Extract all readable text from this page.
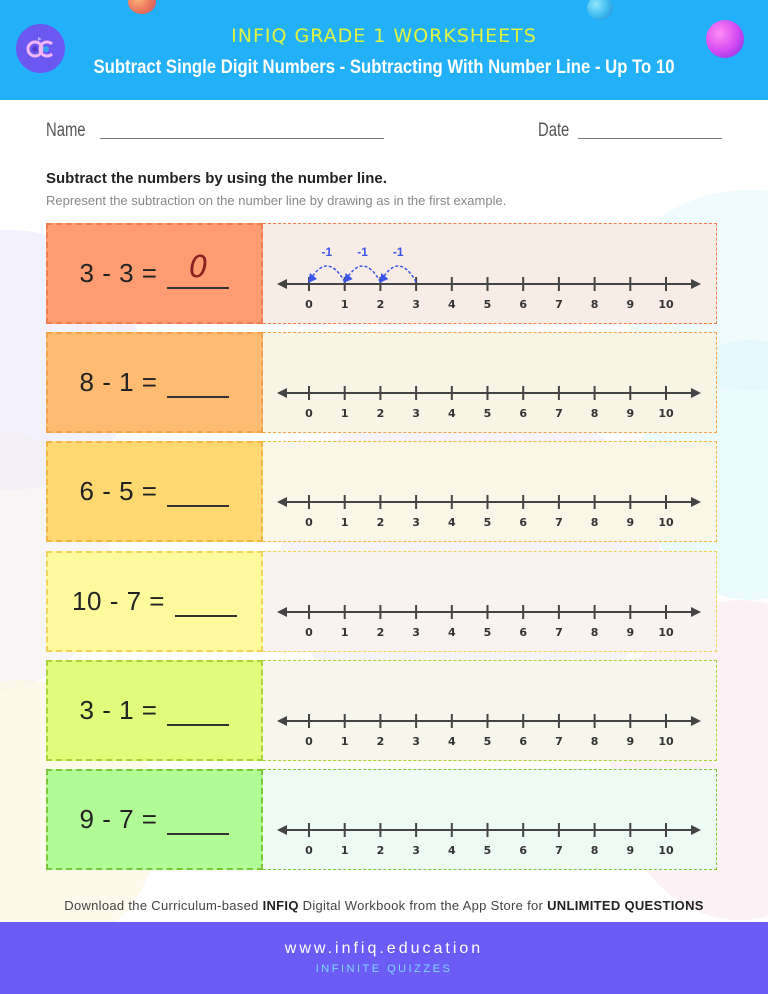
INFIQ GRADE 1 WORKSHEETS
Subtract Single Digit Numbers - Subtracting With Number Line - Up To 10
Name	Date
Subtract the numbers by using the number line.
Represent the subtraction on the number line by drawing as in the first example.
3 - 3 =	0
0	1	2	3	4	5	6	7	8	9 10
-1
-1
-1
8 - 1 =
0	1	2	3	4	5	6	7	8	9 10
6 - 5 =
0	1	2	3	4	5	6	7	8	9 10
10 - 7 =
0	1	2	3	4	5	6	7	8	9 10
3 - 1 =
0	1	2	3	4	5	6	7	8	9 10
9 - 7 =
0	1	2	3	4	5	6	7	8	9 10
Download the Curriculum-based INFIQ Digital Workbook from the App Store for UNLIMITED QUESTIONS
www.infiq.education
INFINITE QUIZZES
